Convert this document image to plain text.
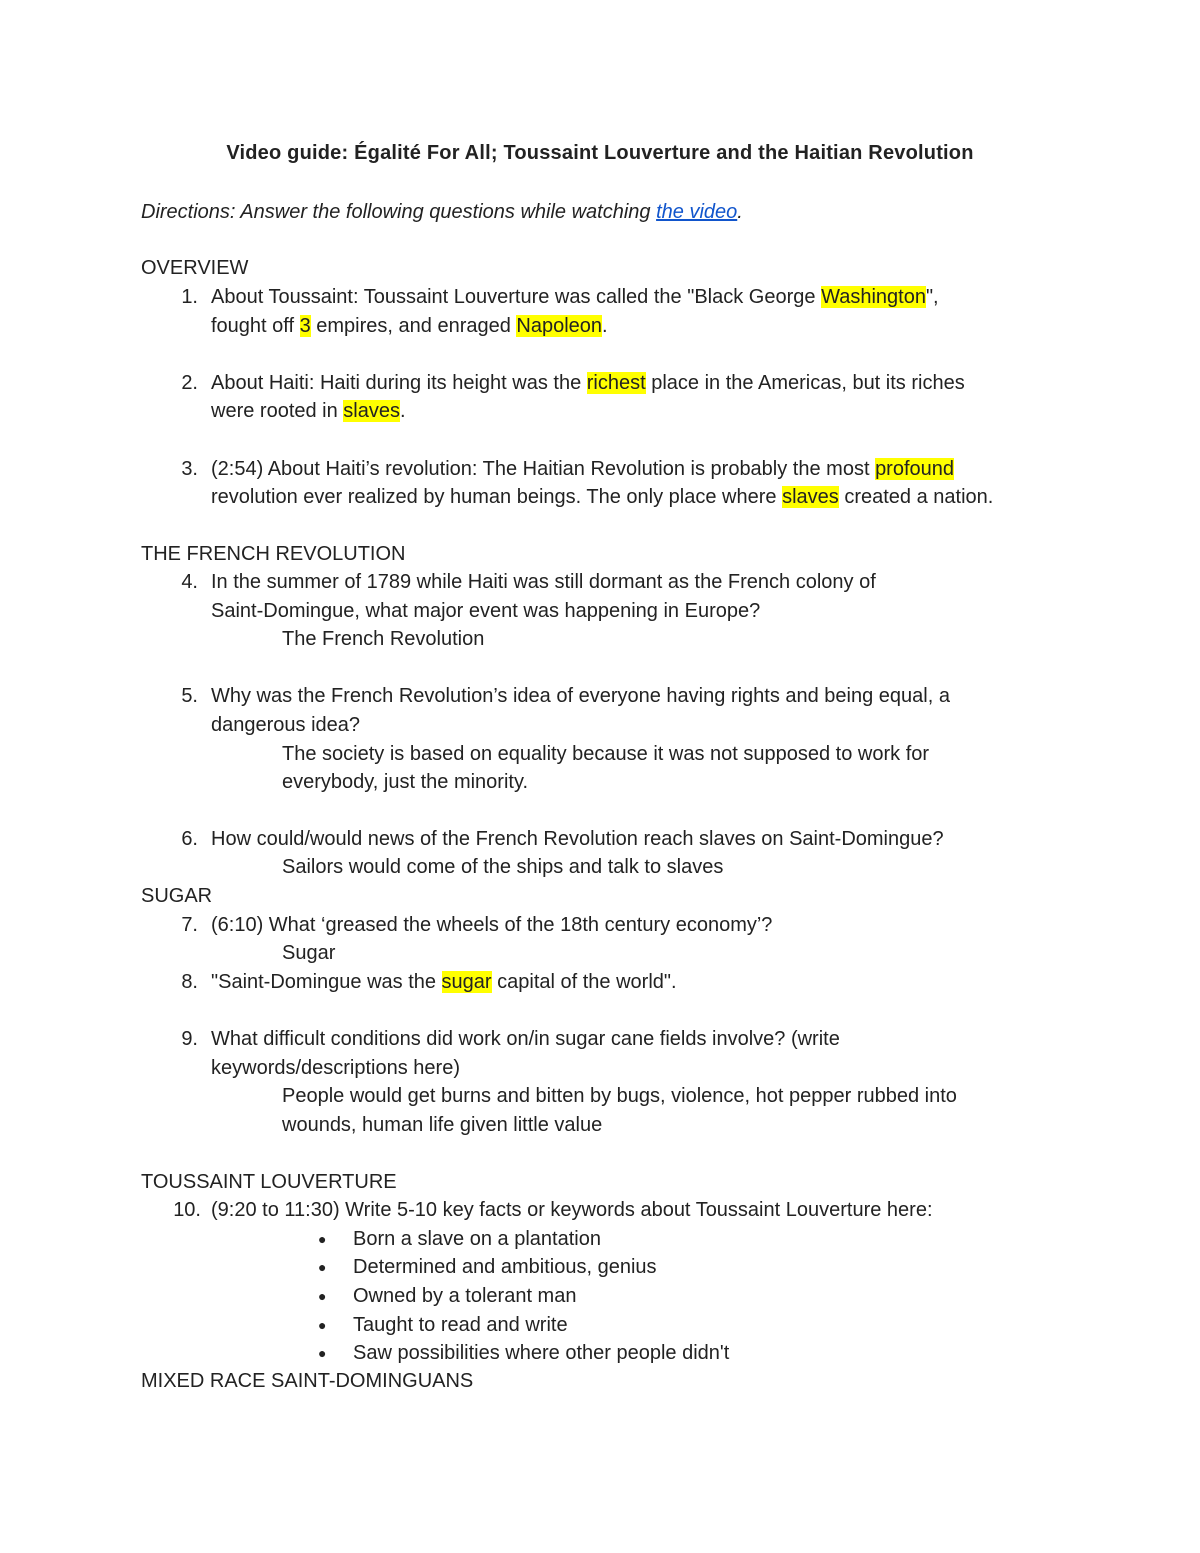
Video guide: Égalité For All; Toussaint Louverture and the Haitian Revolution
Directions: Answer the following questions while watching the video.
OVERVIEW
1. About Toussaint: Toussaint Louverture was called the "Black George Washington",
fought off 3 empires, and enraged Napoleon.
2. About Haiti: Haiti during its height was the richest place in the Americas, but its riches
were rooted in slaves.
3. (2:54) About Haiti’s revolution: The Haitian Revolution is probably the most profound
revolution ever realized by human beings. The only place where slaves created a nation.
THE FRENCH REVOLUTION
4. In the summer of 1789 while Haiti was still dormant as the French colony of
Saint-Domingue, what major event was happening in Europe?
The French Revolution
5. Why was the French Revolution’s idea of everyone having rights and being equal, a
dangerous idea?
The society is based on equality because it was not supposed to work for
everybody, just the minority.
6. How could/would news of the French Revolution reach slaves on Saint-Domingue?
Sailors would come of the ships and talk to slaves
SUGAR
7. (6:10) What ‘greased the wheels of the 18th century economy’?
Sugar
8. "Saint-Domingue was the sugar capital of the world".
9. What difficult conditions did work on/in sugar cane fields involve? (write
keywords/descriptions here)
People would get burns and bitten by bugs, violence, hot pepper rubbed into
wounds, human life given little value
TOUSSAINT LOUVERTURE
10. (9:20 to 11:30) Write 5-10 key facts or keywords about Toussaint Louverture here:
● Born a slave on a plantation
● Determined and ambitious, genius
● Owned by a tolerant man
● Taught to read and write
● Saw possibilities where other people didn't
MIXED RACE SAINT-DOMINGUANS
